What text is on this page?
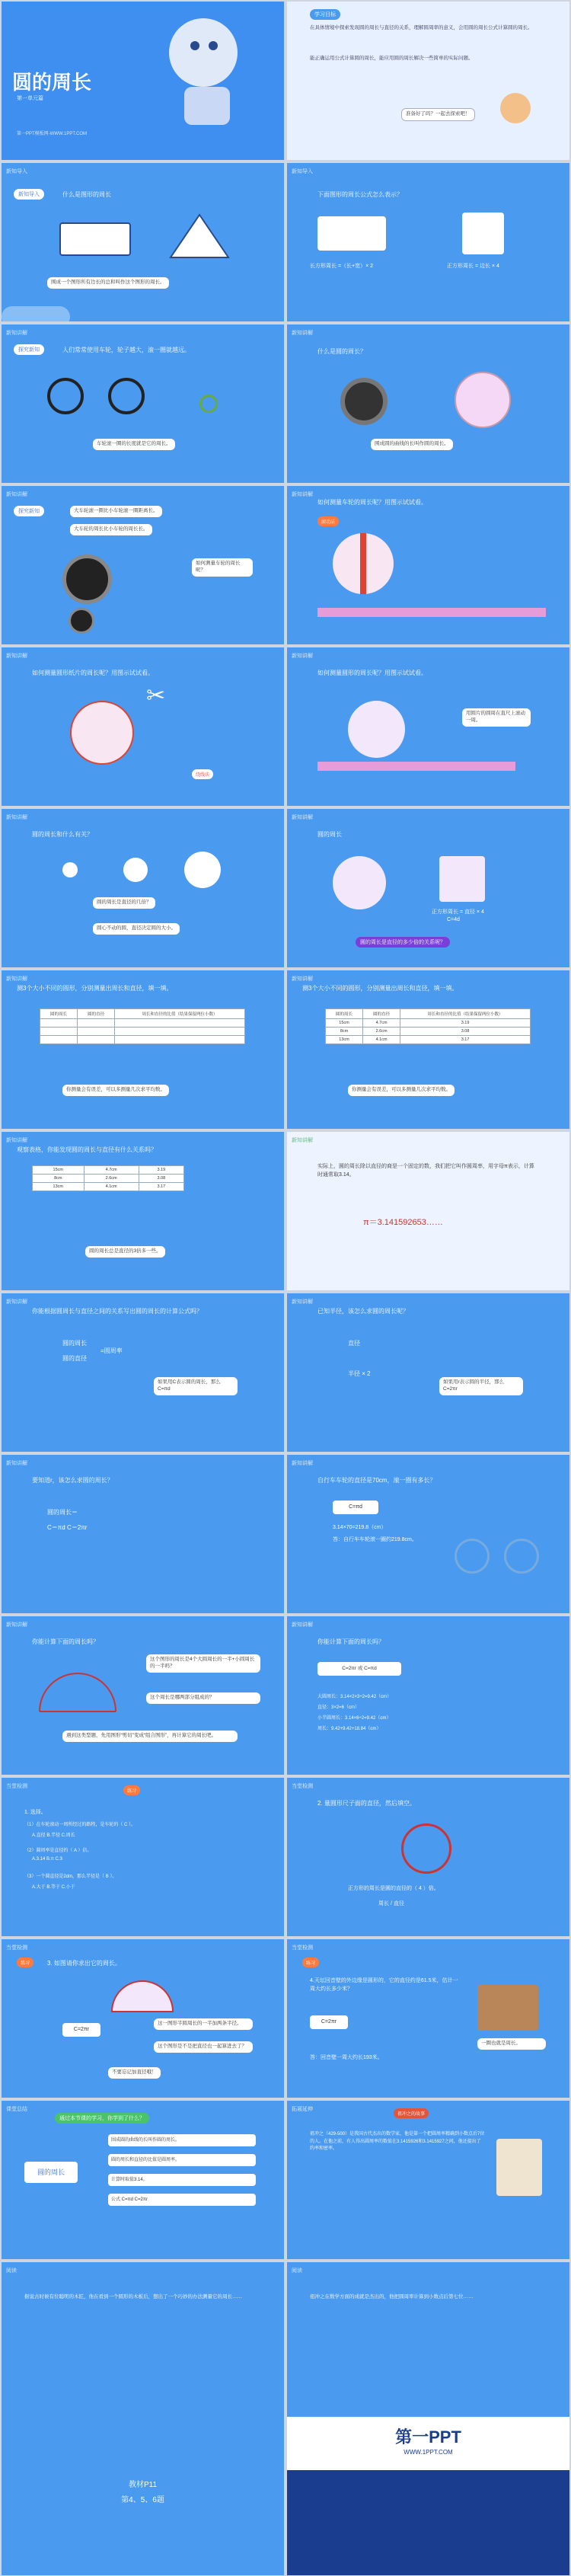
圆的周长
第一单元篇
第一PPT模板网-WWW.1PPT.COM
学习目标
在具体情境中探索发现圆的周长与直径的关系，理解圆周率的意义，会用圆的周长公式计算圆的周长。
能正确运用公式计算圆的周长，能应用圆的周长解决一些简单的实际问题。
准备好了吗？一起去探索吧！
新知导入
新知导入	什么是图形的周长
围成一个图形所有边长的总和叫作这个图形的周长。
新知导入
下面图形的周长公式怎么表示？
长方形周长 =（长+宽）× 2	正方形周长 = 边长 × 4
新知讲解
探究新知	人们常常使用车轮，轮子越大，滚一圈就越远。
车轮滚一圈的长度就是它的周长。
新知讲解
什么是圆的周长？
围成圆的曲线的长叫作圆的周长。
新知讲解
探究新知	大车轮滚一圈比小车轮滚一圈距离长。
大车轮的周长比小车轮的周长长。
如何测量车轮的周长呢？
新知讲解
如何测量车轮的周长呢？用图示试试看。
滚动法
新知讲解
如何测量圆形纸片的周长呢？用图示试试看。
绕线法
✂
新知讲解
如何测量圆形的周长呢？用图示试试看。
用圆片的圆周在直尺上滚动一周。
新知讲解
圆的周长和什么有关？
圆的周长是直径的几倍？
圆心不动的圆，直径决定圆的大小。
新知讲解
圆的周长
正方形周长 = 直径 × 4
C=4d
圆的周长是直径的多少倍的关系呢？
新知讲解
测3个大小不同的圆形，分别测量出周长和直径，填一填。
圆的周长	圆的直径	周长和直径的比值（结果保留两位小数）

你测量会有误差，可以多测量几次求平均数。
新知讲解
测3个大小不同的圆形，分别测量出周长和直径，填一填。
圆的周长	圆的直径	周长和直径的比值（结果保留两位小数）
15cm	4.7cm	3.19
8cm	2.6cm	3.08
13cm	4.1cm	3.17
你测量会有误差，可以多测量几次求平均数。
新知讲解
观察表格，你能发现圆的周长与直径有什么关系吗？
15cm	4.7cm	3.19
8cm	2.6cm	3.08
13cm	4.1cm	3.17
圆的周长总是直径的3倍多一些。
新知讲解
实际上，圆的周长除以直径的商是一个固定的数，我们把它叫作圆周率，用字母π表示，计算时通常取3.14。
π＝3.141592653……
新知讲解
你能根据圆周长与直径之间的关系写出圆的周长的计算公式吗？
圆的周长
圆的直径
=圆周率
如果用C表示圆的周长，那么 C=πd
新知讲解
已知半径，该怎么求圆的周长呢？
直径
半径 × 2
如果用r表示圆的半径，那么 C=2πr
新知讲解
要知道r，该怎么求圆的周长？
圆的周长＝
C＝πd C＝2πr
新知讲解
自行车车轮的直径是70cm，滚一圈有多长？
C=πd
3.14×70=219.8（cm）
答：自行车车轮滚一圈约219.8cm。
新知讲解
你能计算下面的周长吗？
这个图形的周长是4个大圆周长的一半+小圆周长的一半吗？
这个周长是哪两部分组成的？
遇到这类型题，先用图形“剪切”变成“组合图形”，再计算它的周长吧。
新知讲解
你能计算下面的周长吗？
C=2πr 或 C=πd
大圆周长：3.14×2×3÷2=9.42（cm）
直径：3×2=6（cm）
小半圆周长：3.14×6÷2=9.42（cm）
周长：9.42+9.42+18.84（cm）
当堂检测
练习
1. 选择。
（1）在车轮滚动一周所经过的路程，是车轮的（ C ）。
A.直径 B.半径 C.周长
（2）圆周率是直径的（ A ）倍。
A.3.14 B.π C.3
（3）一个圆直径是2dm，那么半径是（ B ）。
A.大于 B.等于 C.小于
当堂检测
2. 量圆形尺子面的直径，然后填空。
正方形的周长是圆的直径的（ 4 ）倍。
周长 / 直径
当堂检测
练习	3. 如图请你求出它的周长。
C=2πr
这一图形半圆周长的一半加两条半径。
这个图形是不是把直径也一起算进去了？
不要忘记加直径哦！
当堂检测
练习
4.天坛回音壁的外边缘是圆形的，它的直径约是61.5米，估计一周大约长多少米？
C=2πr
答：回音壁一周大约长193米。
一圈也就是周长。
课堂总结
通过本节课的学习，你学到了什么？
圆的周长
围成圆的曲线的长叫作圆的周长。
圆的周长和直径的比值是圆周率。
计算时取值3.14。
公式 C=πd C=2πr
拓展延伸
祖冲之的故事
祖冲之（429-500）是我国古代杰出的数学家，他是第一个把圆周率精确到小数点后7位的人。在他之前，有人得出圆周率的数值在3.1415926和3.1415927之间，他还提出了约率和密率。
阅读
据说古时候有位聪明的木匠，他在看到一个圆形的木板后，想出了一个巧妙的办法测量它的周长……
阅读
祖冲之在数学方面的成就是杰出的，他把圆周率计算到小数点后第七位……
教材P11
第4、5、6题
第一PPT
WWW.1PPT.COM
